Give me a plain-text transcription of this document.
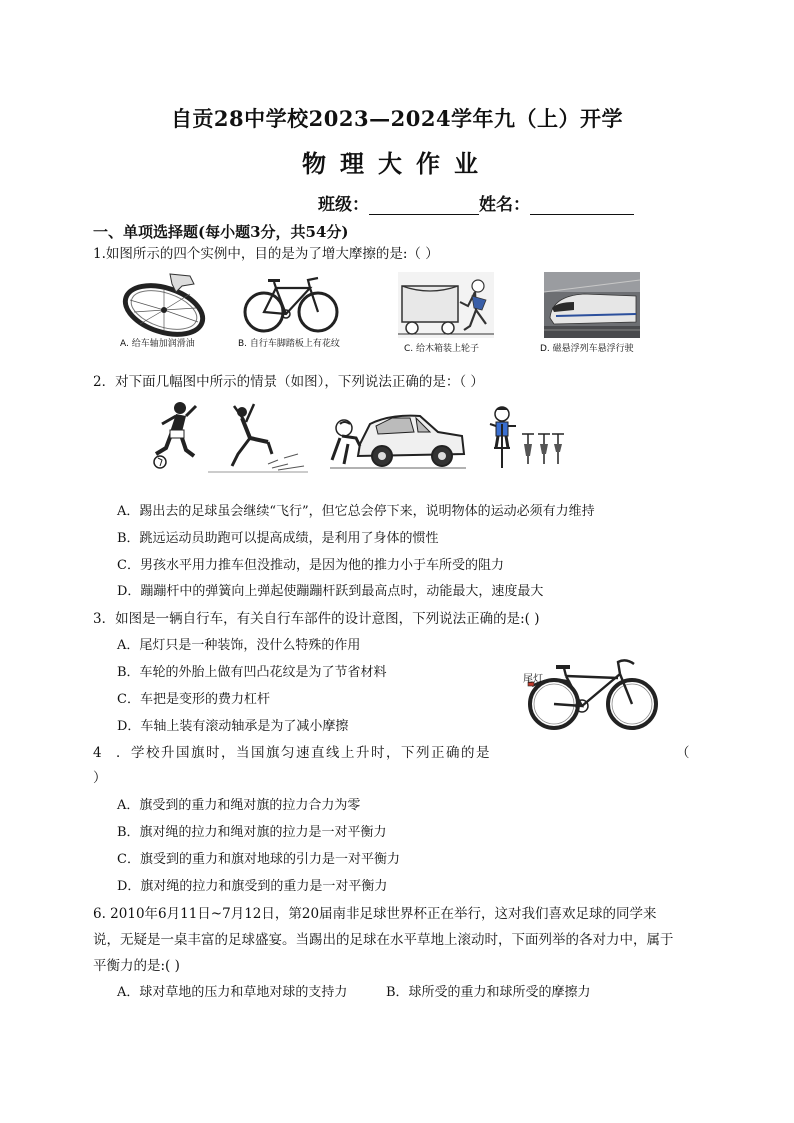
自贡28中学校2023—2024学年九（上）开学
物理大作业
班级：	姓名：
一、单项选择题(每小题3分，共54分)
1.如图所示的四个实例中，目的是为了增大摩擦的是:（ ）
A. 给车轴加润滑油	B. 自行车脚踏板上有花纹	C. 给木箱装上轮子	D. 磁悬浮列车悬浮行驶
2．对下面几幅图中所示的情景（如图），下列说法正确的是：（ ）
A．踢出去的足球虽会继续“飞行”，但它总会停下来，说明物体的运动必须有力维持
B．跳远运动员助跑可以提高成绩，是利用了身体的惯性
C．男孩水平用力推车但没推动，是因为他的推力小于车所受的阻力
D．蹦蹦杆中的弹簧向上弹起使蹦蹦杆跃到最高点时，动能最大，速度最大
3．如图是一辆自行车，有关自行车部件的设计意图，下列说法正确的是:( )
A．尾灯只是一种装饰，没什么特殊的作用
B．车轮的外胎上做有凹凸花纹是为了节省材料
C．车把是变形的费力杠杆
D．车轴上装有滚动轴承是为了减小摩擦
尾灯
4 ．学校升国旗时，当国旗匀速直线上升时，下列正确的是	（
）
A．旗受到的重力和绳对旗的拉力合力为零
B．旗对绳的拉力和绳对旗的拉力是一对平衡力
C．旗受到的重力和旗对地球的引力是一对平衡力
D．旗对绳的拉力和旗受到的重力是一对平衡力
6. 2010年6月11日~7月12日，第20届南非足球世界杯正在举行，这对我们喜欢足球的同学来
说，无疑是一桌丰富的足球盛宴。当踢出的足球在水平草地上滚动时，下面列举的各对力中，属于
平衡力的是:( )
A．球对草地的压力和草地对球的支持力	B．球所受的重力和球所受的摩擦力
